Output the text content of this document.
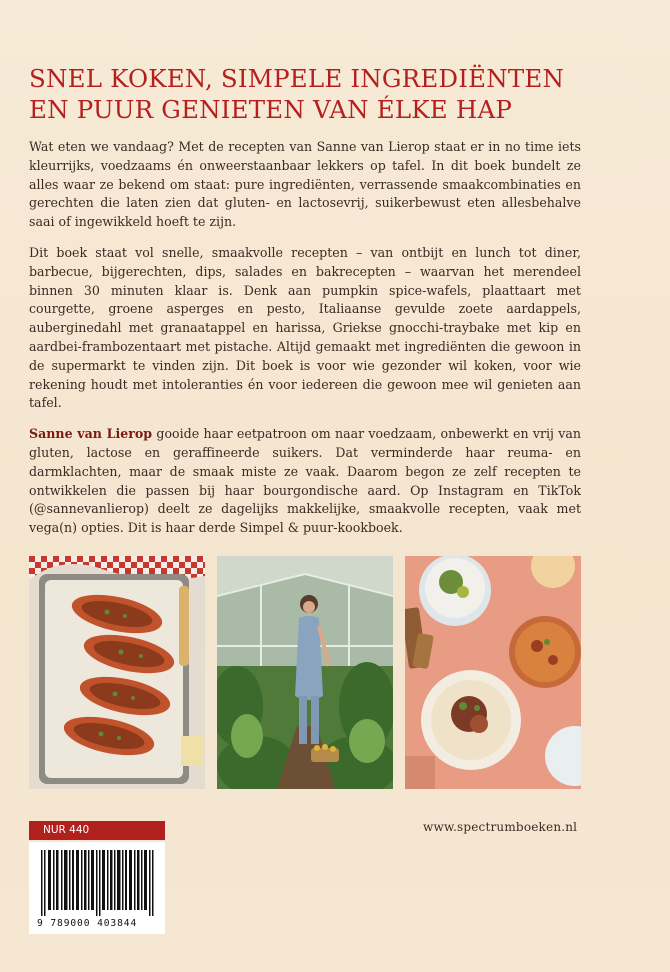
SNEL KOKEN, SIMPELE INGREDIËNTEN
EN PUUR GENIETEN VAN ÉLKE HAP

Wat eten we vandaag? Met de recepten van Sanne van Lierop staat er in no time iets kleurrijks, voedzaams én onweerstaanbaar lekkers op tafel. In dit boek bundelt ze alles waar ze bekend om staat: pure ingrediënten, verrassende smaakcombinaties en gerechten die laten zien dat gluten- en lactosevrij, suikerbewust eten allesbehalve saai of ingewikkeld hoeft te zijn.

Dit boek staat vol snelle, smaakvolle recepten – van ontbijt en lunch tot diner, barbecue, bijgerechten, dips, salades en bakrecepten – waarvan het merendeel binnen 30 minuten klaar is. Denk aan pumpkin spice-wafels, plaattaart met courgette, groene asperges en pesto, Italiaanse gevulde zoete aardappels, auberginedahl met granaatappel en harissa, Griekse gnocchi-traybake met kip en aardbei-frambozentaart met pistache. Altijd gemaakt met ingrediënten die gewoon in de supermarkt te vinden zijn. Dit boek is voor wie gezonder wil koken, voor wie rekening houdt met intoleranties én voor iedereen die gewoon mee wil genieten aan tafel.

Sanne van Lierop gooide haar eetpatroon om naar voedzaam, onbewerkt en vrij van gluten, lactose en geraffineerde suikers. Dat verminderde haar reuma- en darmklachten, maar de smaak miste ze vaak. Daarom begon ze zelf recepten te ontwikkelen die passen bij haar bourgondische aard. Op Instagram en TikTok (@sannevanlierop) deelt ze dagelijks makkelijke, smaakvolle recepten, vaak met vega(n) opties. Dit is haar derde Simpel & puur-kookboek.

NUR 440
9 789000 403844
www.spectrumboeken.nl
